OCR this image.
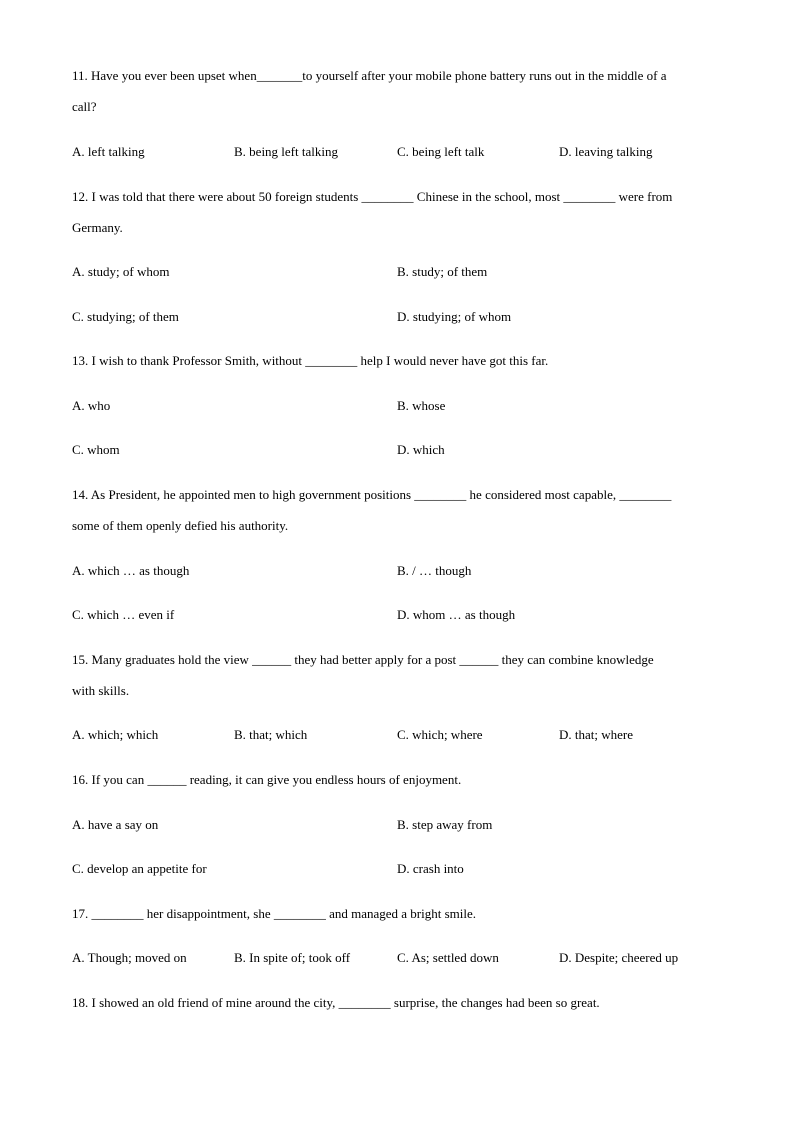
11. Have you ever been upset when_______to yourself after your mobile phone battery runs out in the middle of a
call?
A. left talking	B. being left talking	C. being left talk	D. leaving talking
12. I was told that there were about 50 foreign students ________ Chinese in the school, most ________ were from
Germany.
A. study; of whom	B. study; of them
C. studying; of them	D. studying; of whom
13. I wish to thank Professor Smith, without ________ help I would never have got this far.
A. who	B. whose
C. whom	D. which
14. As President, he appointed men to high government positions ________ he considered most capable, ________
some of them openly defied his authority.
A. which … as though	B. / … though
C. which … even if	D. whom … as though
15. Many graduates hold the view ______ they had better apply for a post ______ they can combine knowledge
with skills.
A. which; which	B. that; which	C. which; where	D. that; where
16. If you can ______ reading, it can give you endless hours of enjoyment.
A. have a say on	B. step away from
C. develop an appetite for	D. crash into
17. ________ her disappointment, she ________ and managed a bright smile.
A. Though; moved on	B. In spite of; took off	C. As; settled down	D. Despite; cheered up
18. I showed an old friend of mine around the city, ________ surprise, the changes had been so great.
